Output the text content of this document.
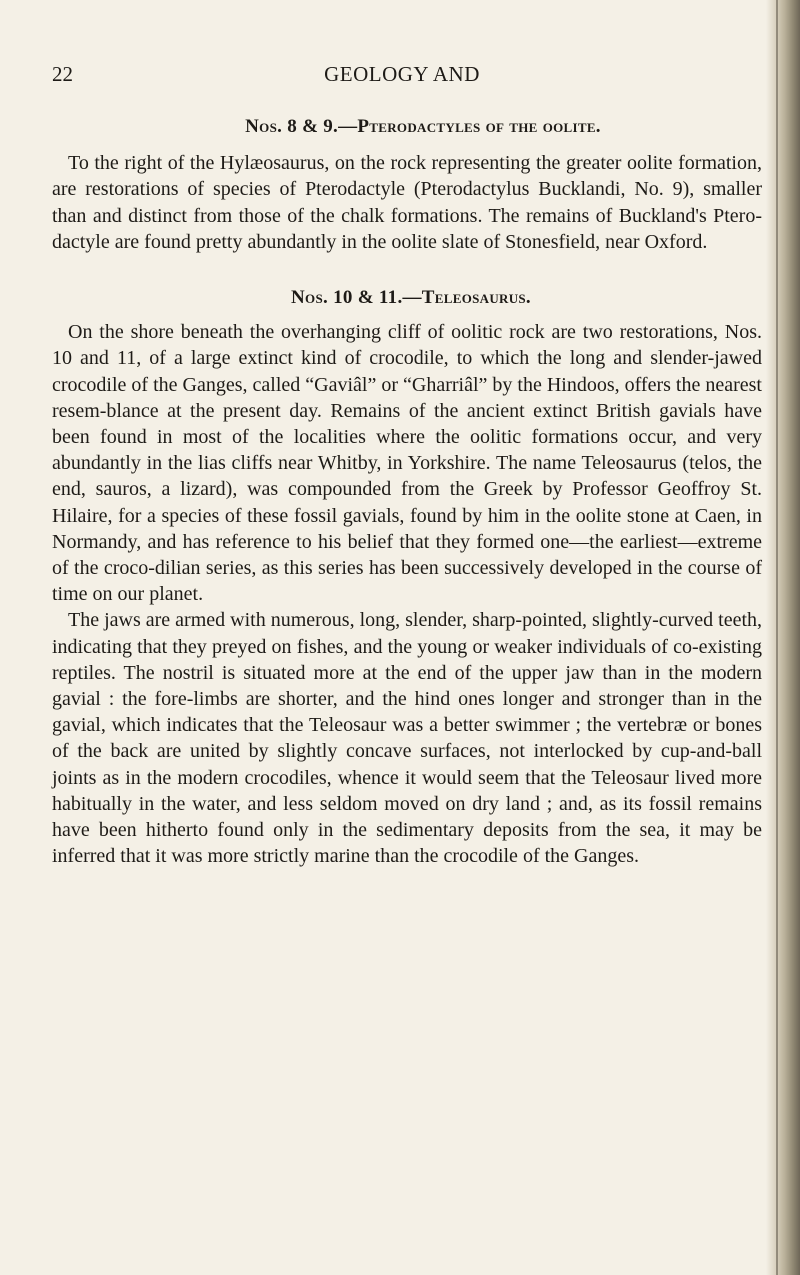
22	GEOLOGY AND
Nos. 8 & 9.—Pterodactyles of the oolite.

To the right of the Hylæosaurus, on the rock representing the greater oolite formation, are restorations of species of Pterodactyle (Pterodactylus Bucklandi, No. 9), smaller than and distinct from those of the chalk formations. The remains of Buckland's Ptero-dactyle are found pretty abundantly in the oolite slate of Stonesfield, near Oxford.

Nos. 10 & 11.—Teleosaurus.

On the shore beneath the overhanging cliff of oolitic rock are two restorations, Nos. 10 and 11, of a large extinct kind of crocodile, to which the long and slender-jawed crocodile of the Ganges, called “Gaviâl” or “Gharriâl” by the Hindoos, offers the nearest resem-blance at the present day. Remains of the ancient extinct British gavials have been found in most of the localities where the oolitic formations occur, and very abundantly in the lias cliffs near Whitby, in Yorkshire. The name Teleosaurus (telos, the end, sauros, a lizard), was compounded from the Greek by Professor Geoffroy St. Hilaire, for a species of these fossil gavials, found by him in the oolite stone at Caen, in Normandy, and has reference to his belief that they formed one—the earliest—extreme of the croco-dilian series, as this series has been successively developed in the course of time on our planet.

The jaws are armed with numerous, long, slender, sharp-pointed, slightly-curved teeth, indicating that they preyed on fishes, and the young or weaker individuals of co-existing reptiles. The nostril is situated more at the end of the upper jaw than in the modern gavial : the fore-limbs are shorter, and the hind ones longer and stronger than in the gavial, which indicates that the Teleosaur was a better swimmer ; the vertebræ or bones of the back are united by slightly concave surfaces, not interlocked by cup-and-ball joints as in the modern crocodiles, whence it would seem that the Teleosaur lived more habitually in the water, and less seldom moved on dry land ; and, as its fossil remains have been hitherto found only in the sedimentary deposits from the sea, it may be inferred that it was more strictly marine than the crocodile of the Ganges.
